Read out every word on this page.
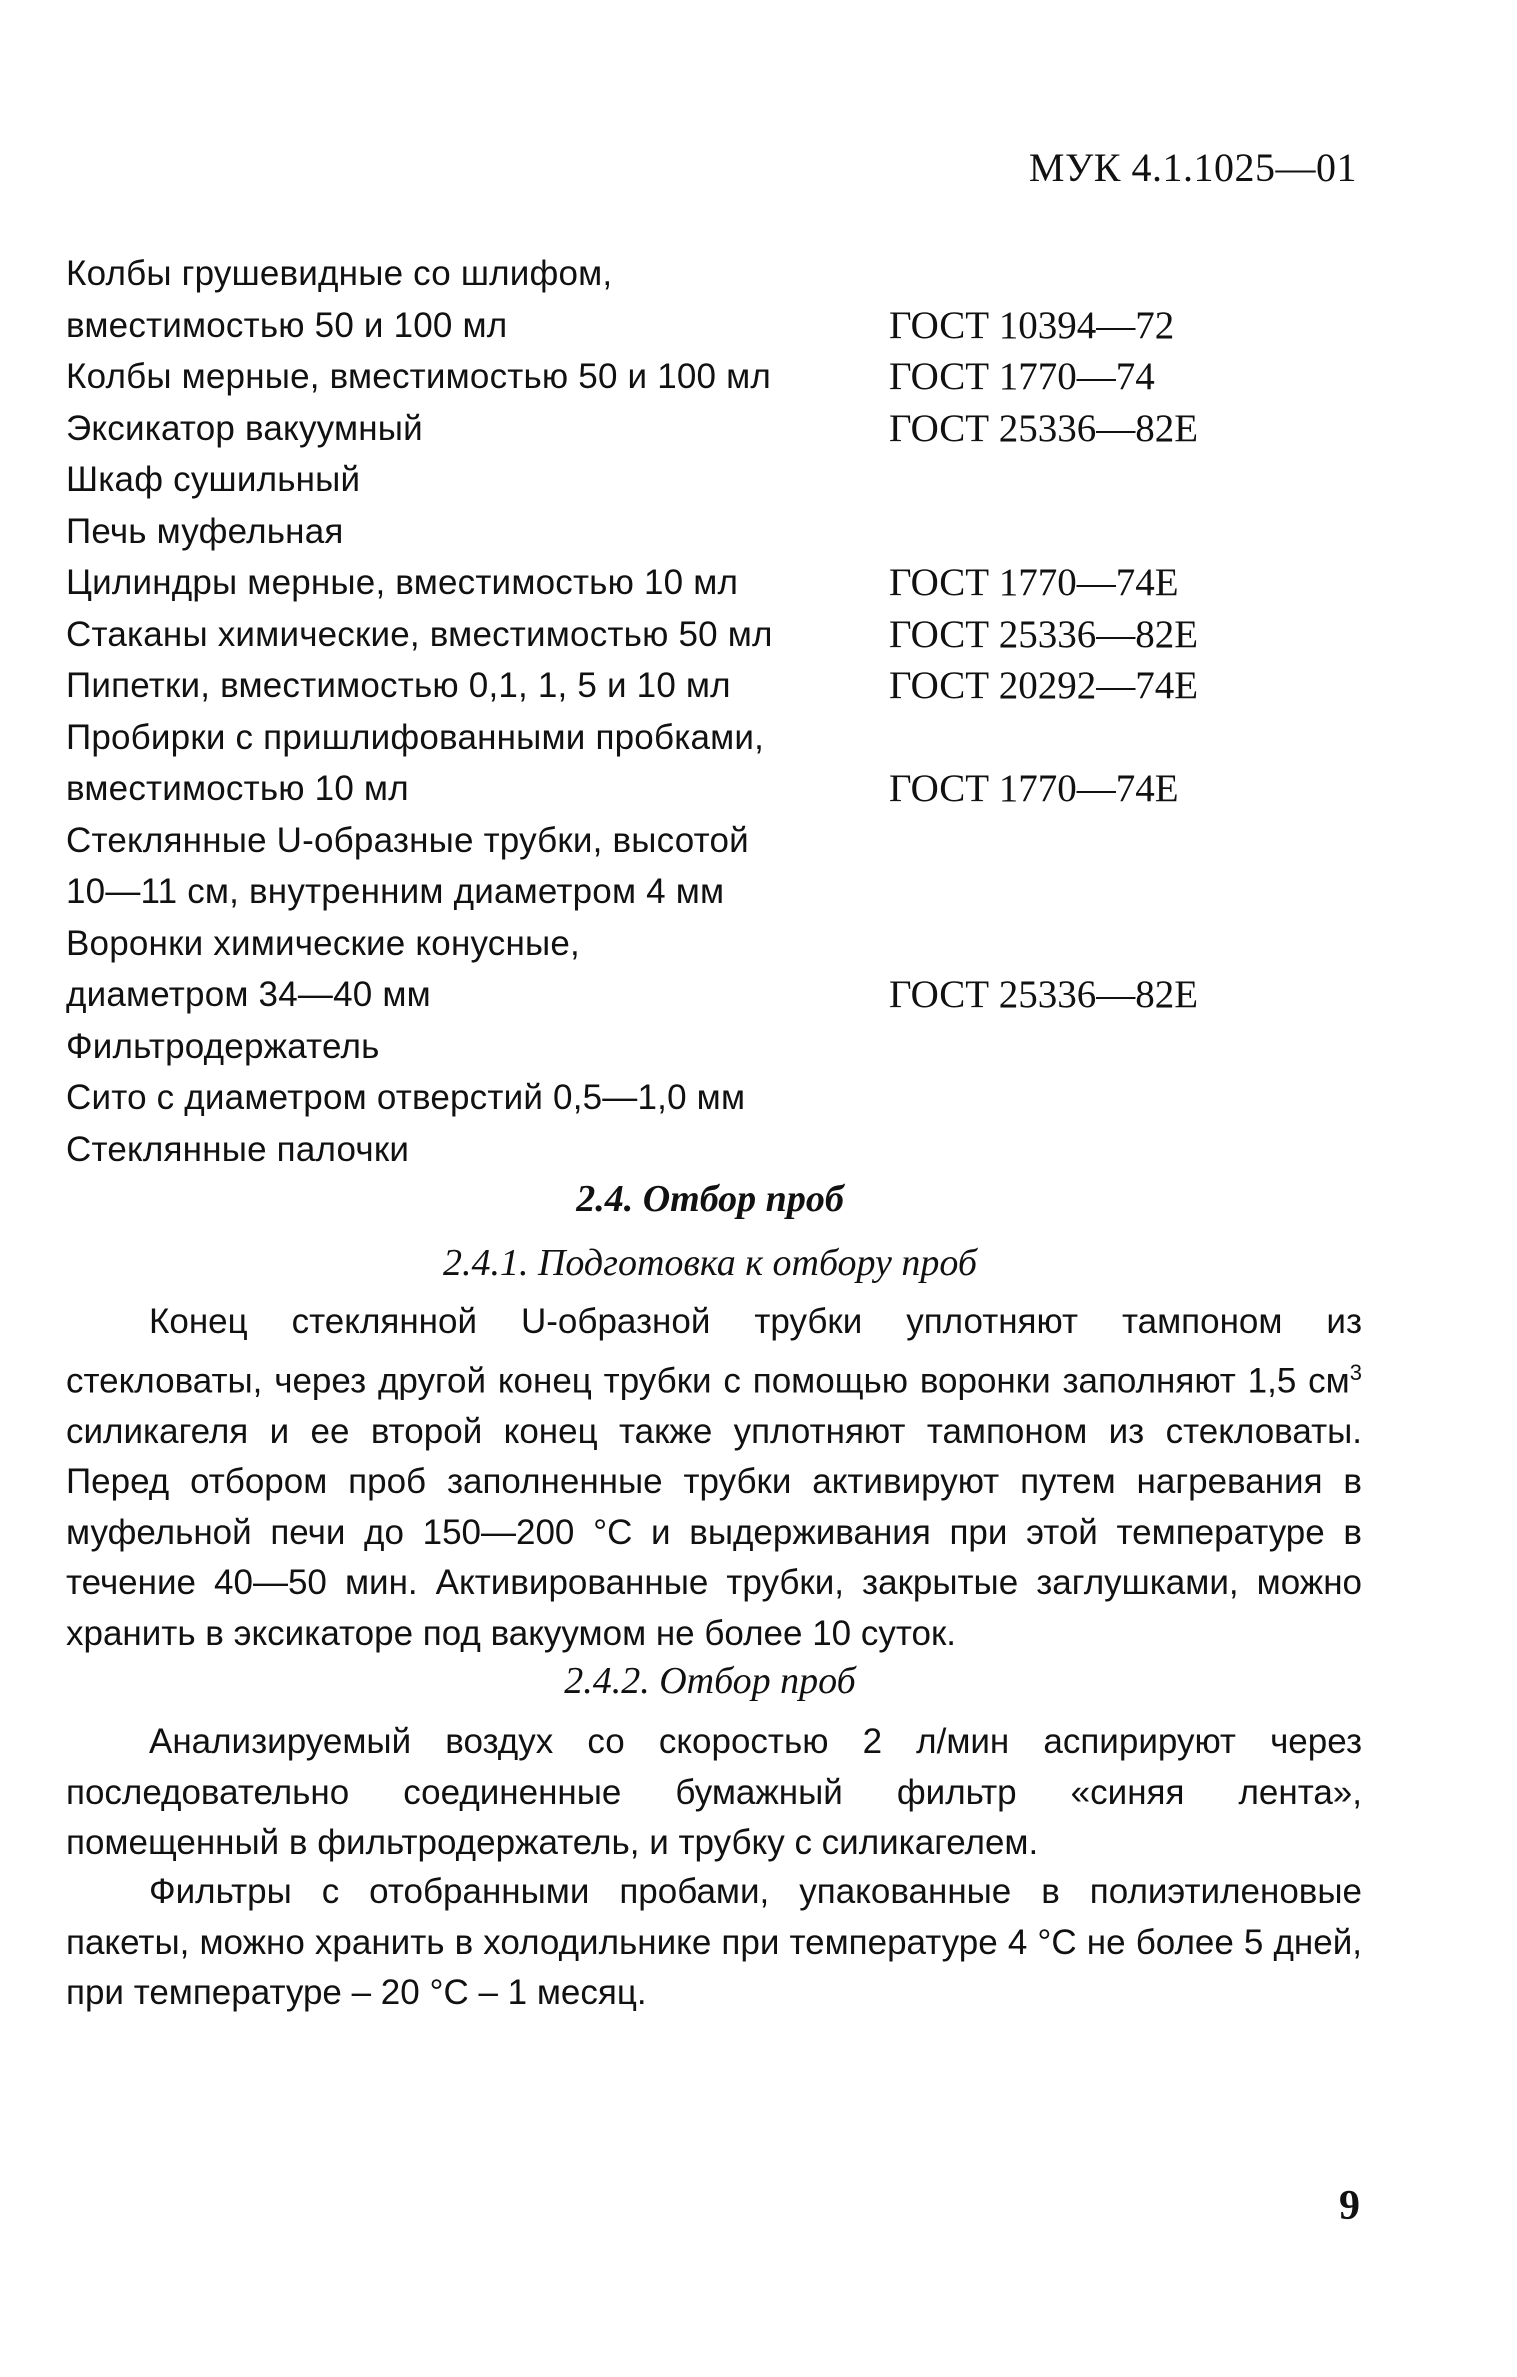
МУК 4.1.1025—01
Колбы грушевидные со шлифом,
вместимостью 50 и 100 мл	ГОСТ 10394—72
Колбы мерные, вместимостью 50 и 100 мл	ГОСТ 1770—74
Эксикатор вакуумный	ГОСТ 25336—82Е
Шкаф сушильный
Печь муфельная
Цилиндры мерные, вместимостью 10 мл	ГОСТ 1770—74Е
Стаканы химические, вместимостью 50 мл	ГОСТ 25336—82Е
Пипетки, вместимостью 0,1, 1, 5 и 10 мл	ГОСТ 20292—74Е
Пробирки с пришлифованными пробками,
вместимостью 10 мл	ГОСТ 1770—74Е
Стеклянные U-образные трубки, высотой
10—11 см, внутренним диаметром 4 мм
Воронки химические конусные,
диаметром 34—40 мм	ГОСТ 25336—82Е
Фильтродержатель
Сито с диаметром отверстий 0,5—1,0 мм
Стеклянные палочки
2.4. Отбор проб
2.4.1. Подготовка к отбору проб

Конец стеклянной U-образной трубки уплотняют тампоном из стекловаты, через другой конец трубки с помощью воронки заполняют 1,5 $см^3$ силикагеля и ее второй конец также уплотняют тампоном из стекловаты. Перед отбором проб заполненные трубки активируют путем нагревания в муфельной печи до 150—200 °С и выдерживания при этой температуре в течение 40—50 мин. Активированные трубки, закрытые заглушками, можно хранить в эксикаторе под вакуумом не более 10 суток.

2.4.2. Отбор проб

Анализируемый воздух со скоростью 2 л/мин аспирируют через последовательно соединенные бумажный фильтр «синяя лента», помещенный в фильтродержатель, и трубку с силикагелем.

Фильтры с отобранными пробами, упакованные в полиэтиленовые пакеты, можно хранить в холодильнике при температуре 4 °С не более 5 дней, при температуре – 20 °С – 1 месяц.

9
